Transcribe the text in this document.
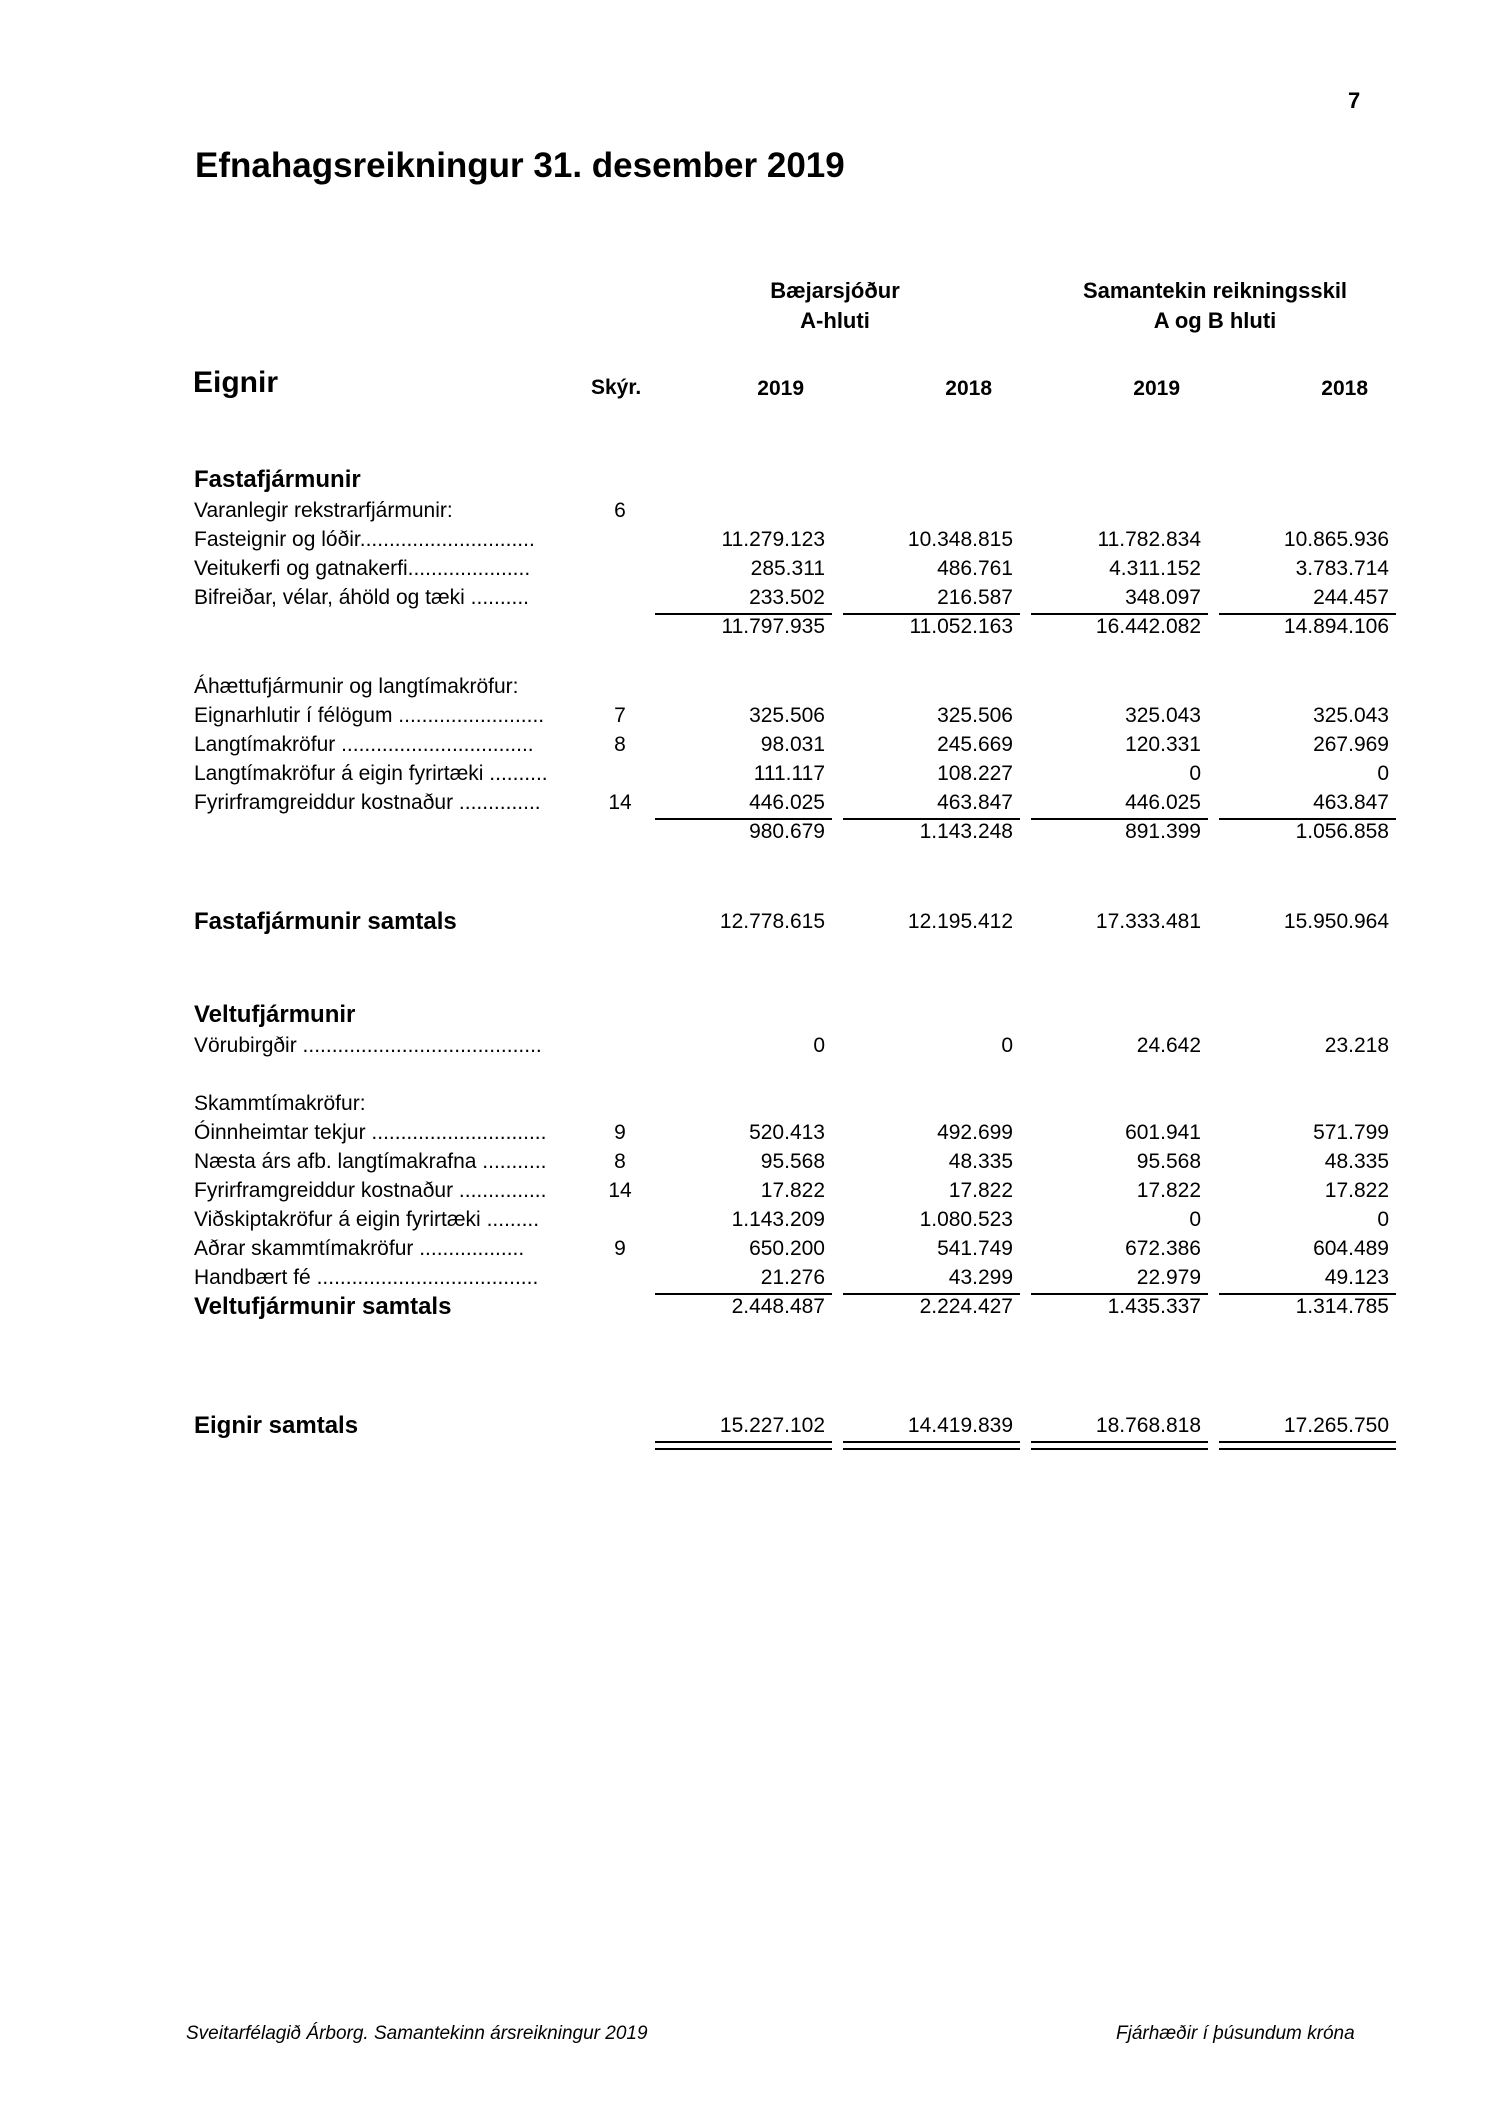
7
Efnahagsreikningur 31. desember 2019
Bæjarsjóður
A-hluti
Samantekin reikningsskil
A og B hluti
Eignir	Skýr.	2019	2018	2019	2018
Fastafjármunir
Varanlegir rekstrarfjármunir:	6
Fasteignir og lóðir..............................	11.279.123	10.348.815	11.782.834	10.865.936
Veitukerfi og gatnakerfi.....................	285.311	486.761	4.311.152	3.783.714
Bifreiðar, vélar, áhöld og tæki ..........	233.502	216.587	348.097	244.457
11.797.935	11.052.163	16.442.082	14.894.106
Áhættufjármunir og langtímakröfur:
Eignarhlutir í félögum .........................	7	325.506	325.506	325.043	325.043
Langtímakröfur .................................	8	98.031	245.669	120.331	267.969
Langtímakröfur á eigin fyrirtæki ..........	111.117	108.227	0	0
Fyrirframgreiddur kostnaður ..............	14	446.025	463.847	446.025	463.847
980.679	1.143.248	891.399	1.056.858
Fastafjármunir samtals	12.778.615	12.195.412	17.333.481	15.950.964
Veltufjármunir
Vörubirgðir .........................................	0	0	24.642	23.218
Skammtímakröfur:
Óinnheimtar tekjur ..............................	9	520.413	492.699	601.941	571.799
Næsta árs afb. langtímakrafna ...........	8	95.568	48.335	95.568	48.335
Fyrirframgreiddur kostnaður ...............	14	17.822	17.822	17.822	17.822
Viðskiptakröfur á eigin fyrirtæki .........	1.143.209	1.080.523	0	0
Aðrar skammtímakröfur ..................	9	650.200	541.749	672.386	604.489
Handbært fé ......................................	21.276	43.299	22.979	49.123
Veltufjármunir samtals	2.448.487	2.224.427	1.435.337	1.314.785
Eignir samtals	15.227.102	14.419.839	18.768.818	17.265.750
Sveitarfélagið Árborg. Samantekinn ársreikningur 2019	Fjárhæðir í þúsundum króna
